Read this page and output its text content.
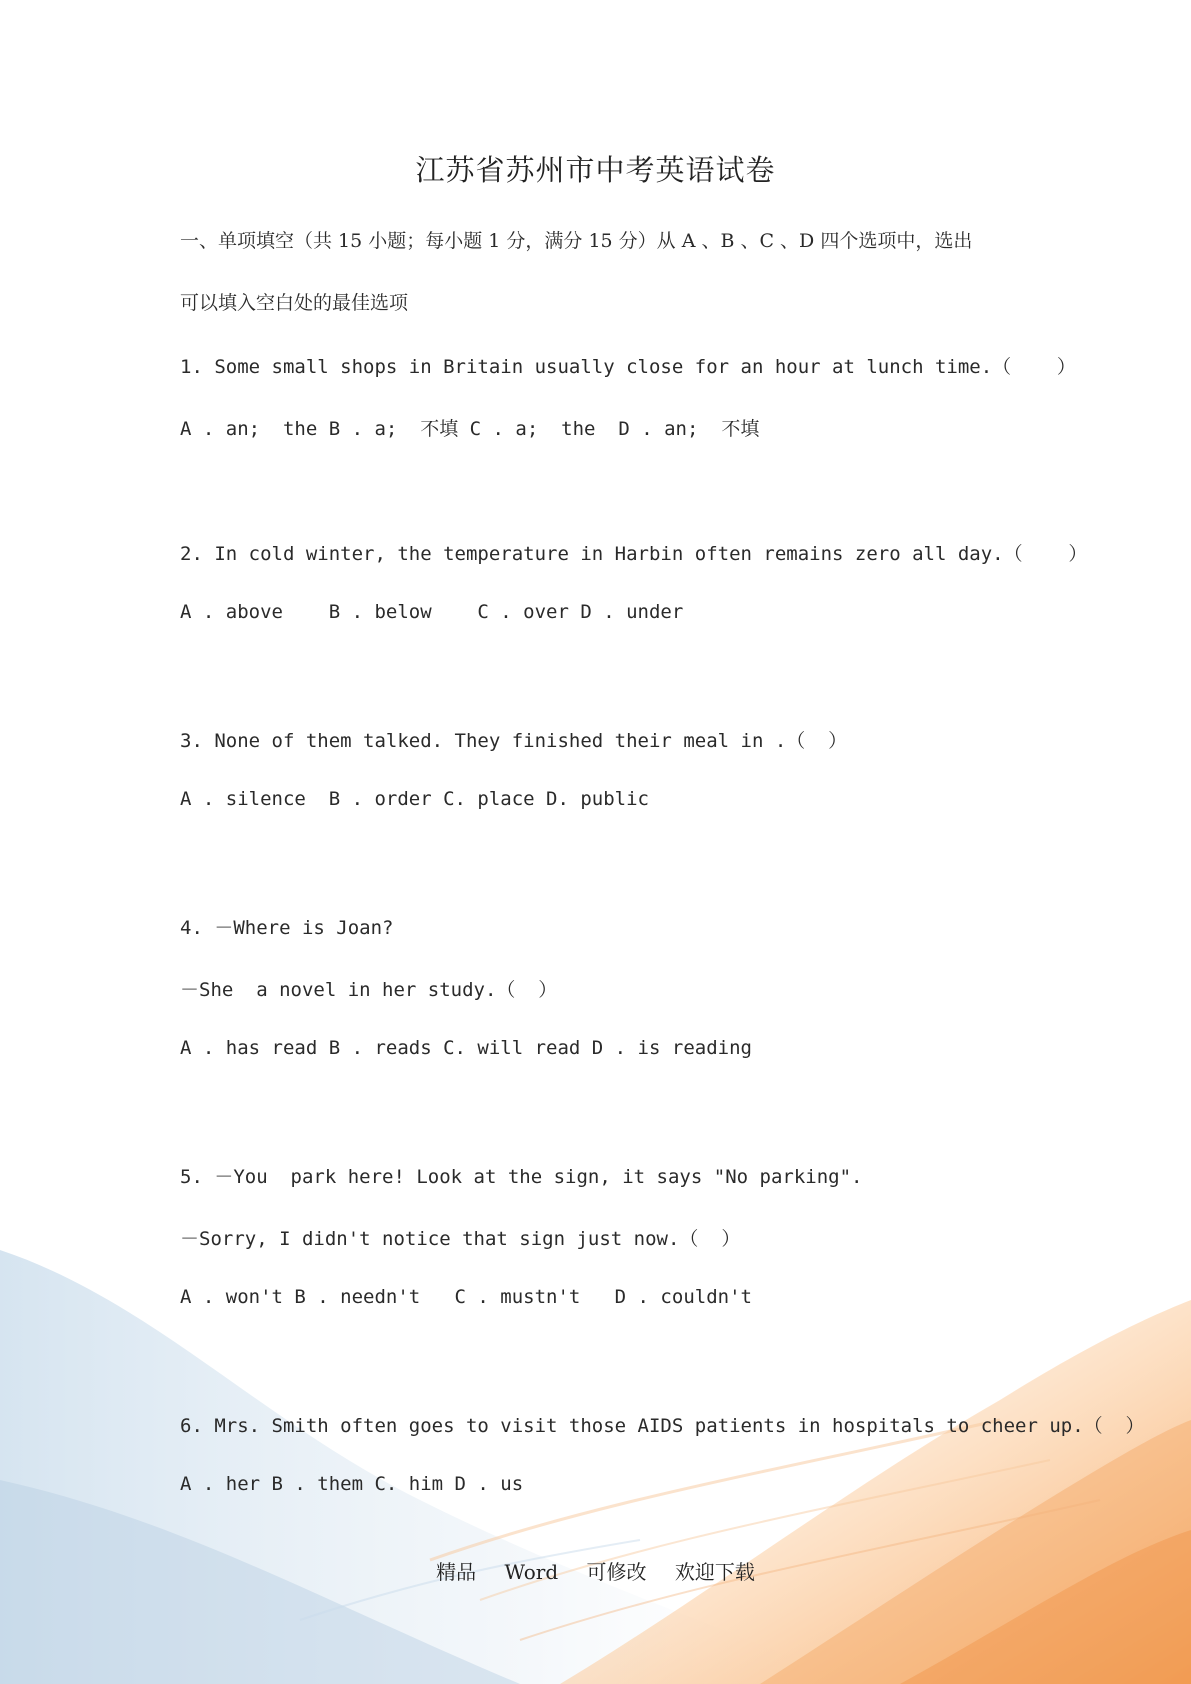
江苏省苏州市中考英语试卷
一、单项填空（共 15 小题；每小题 1 分，满分 15 分）从 A 、B 、C 、D 四个选项中，选出
可以填入空白处的最佳选项
1. Some small shops in Britain usually close for an hour at lunch time.（    ）
A . an;  the B . a;  不填 C . a;  the  D . an;  不填
2. In cold winter, the temperature in Harbin often remains zero all day.（    ）
A . above    B . below    C . over D . under
3. None of them talked. They finished their meal in .（  ）
A . silence  B . order C. place D. public
4. －Where is Joan?
－She  a novel in her study.（  ）
A . has read B . reads C. will read D . is reading
5. －You  park here! Look at the sign, it says "No parking".
－Sorry, I didn't notice that sign just now.（  ）
A . won't B . needn't   C . mustn't   D . couldn't
6. Mrs. Smith often goes to visit those AIDS patients in hospitals to cheer up.（  ）
A . her B . them C. him D . us
精品 Word 可修改 欢迎下载
